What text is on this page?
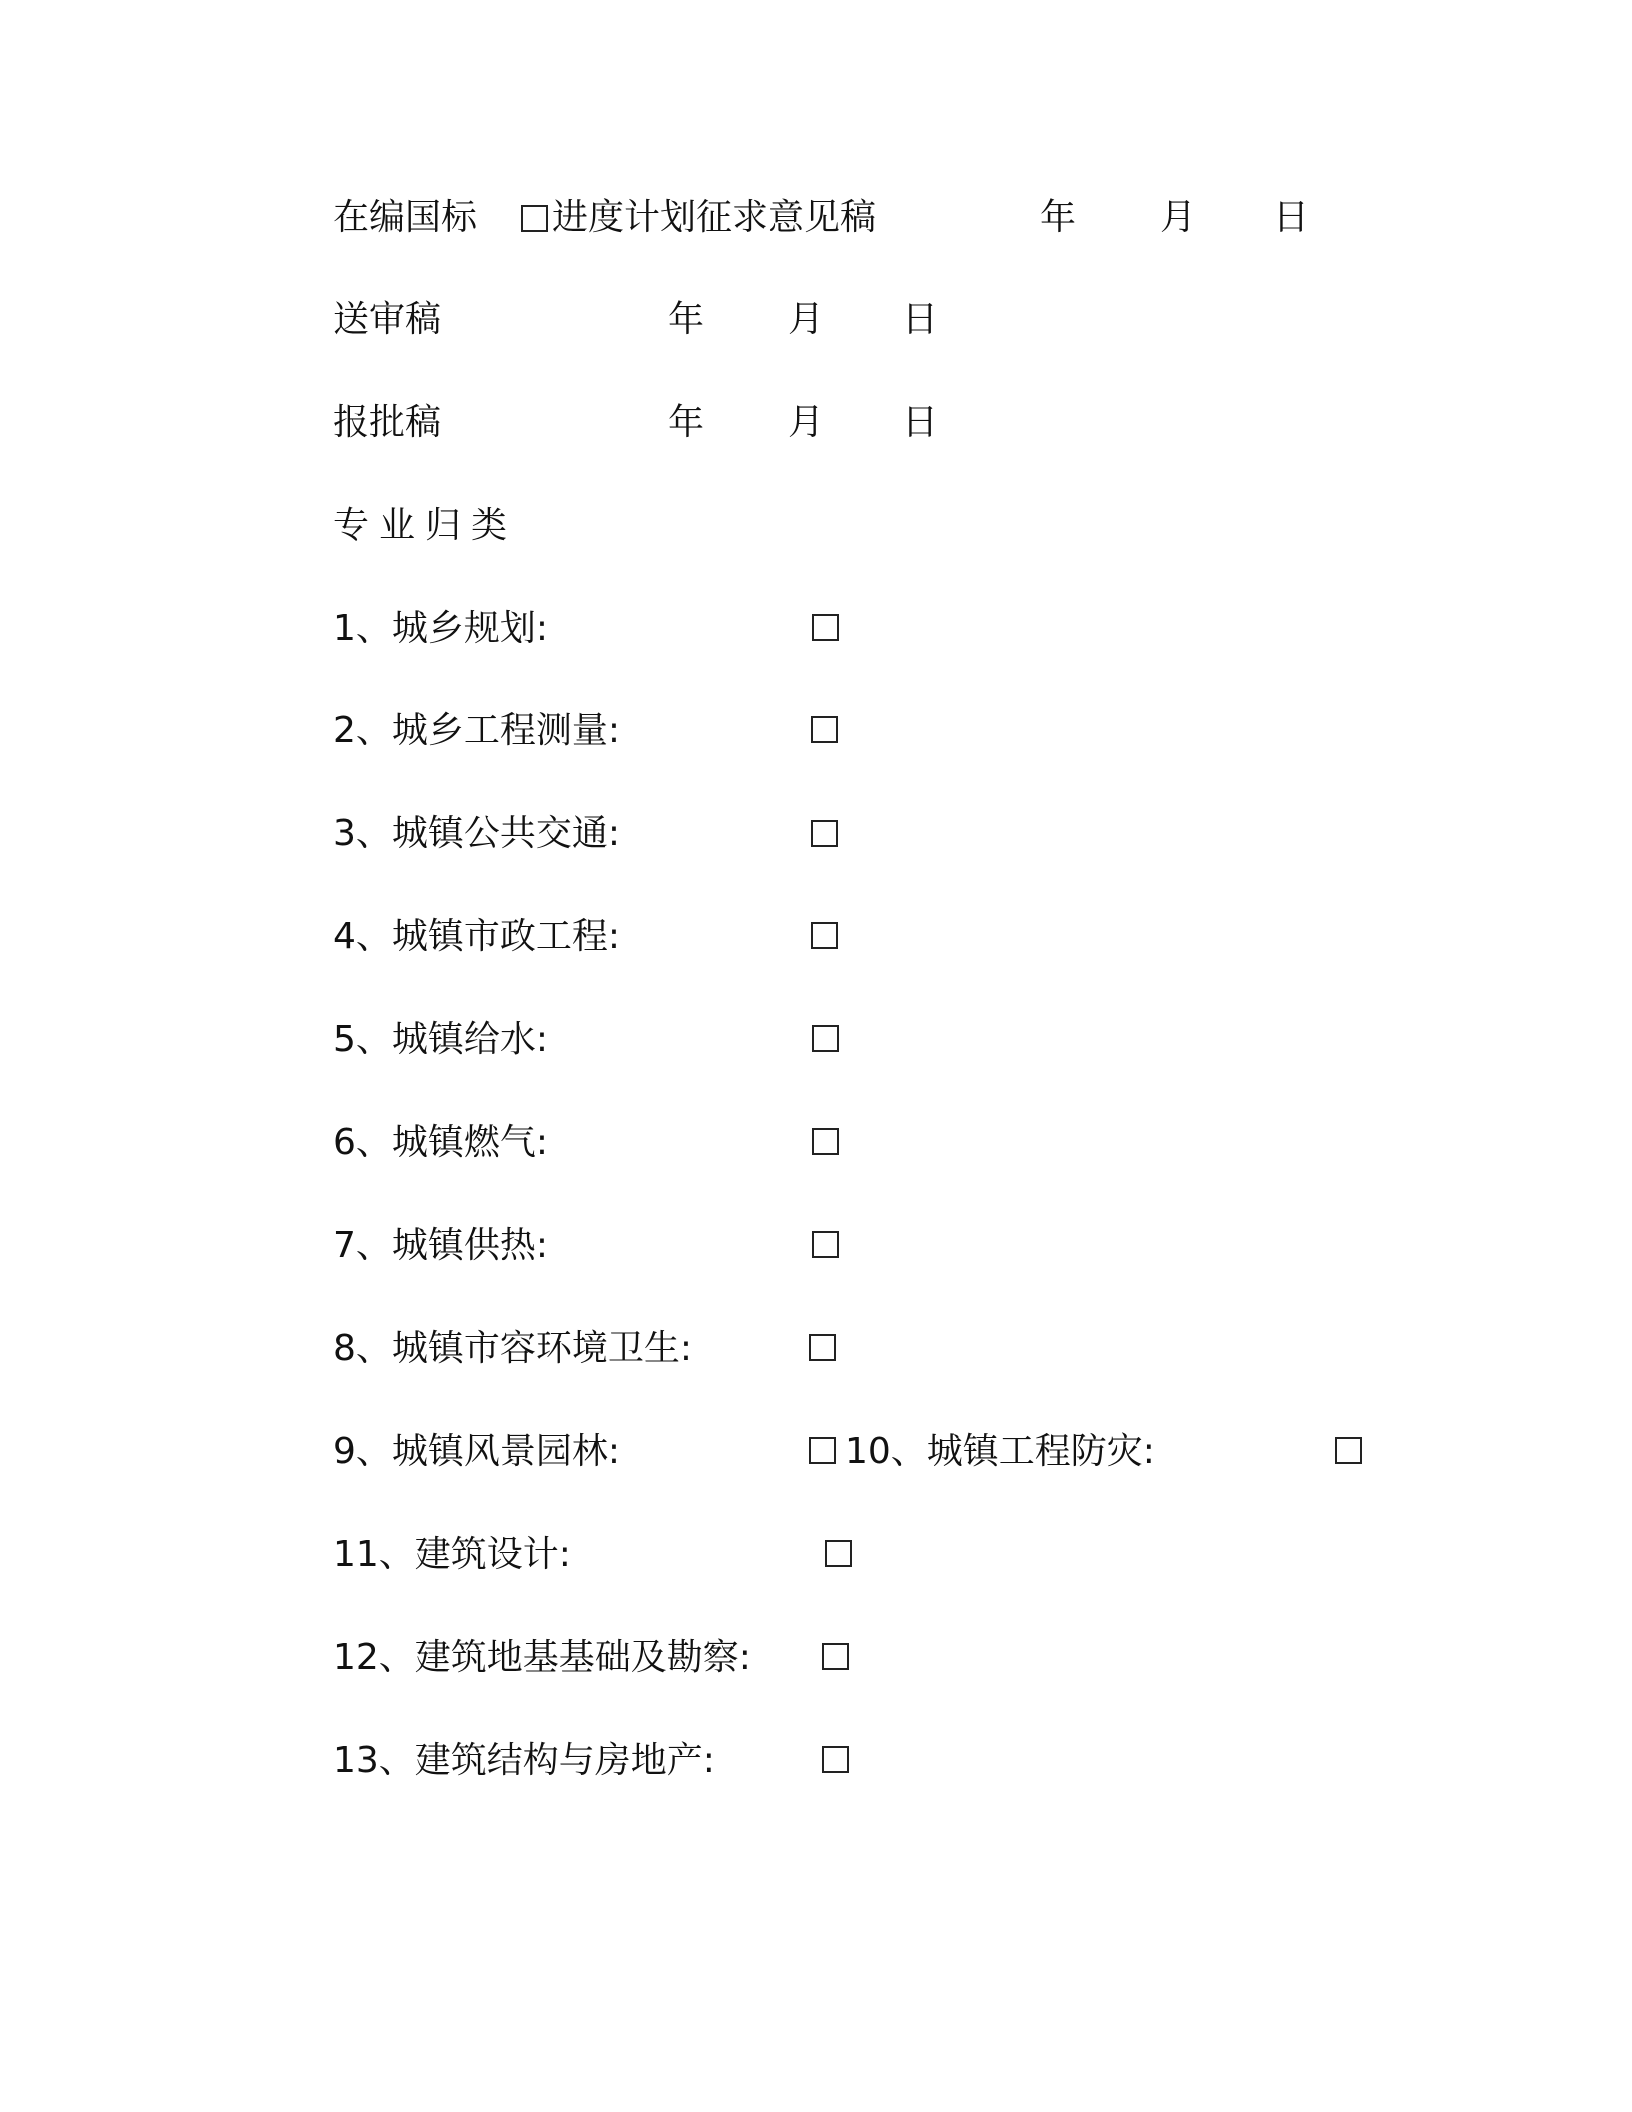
在编国标	进度计划征求意见稿	年 月 日
送审稿	年 月 日
报批稿	年 月 日
专业归类
1、城乡规划:
2、城乡工程测量:
3、城镇公共交通:
4、城镇市政工程:
5、城镇给水:
6、城镇燃气:
7、城镇供热:
8、城镇市容环境卫生:
9、城镇风景园林:	10、城镇工程防灾:
11、建筑设计:
12、建筑地基基础及勘察:
13、建筑结构与房地产:
